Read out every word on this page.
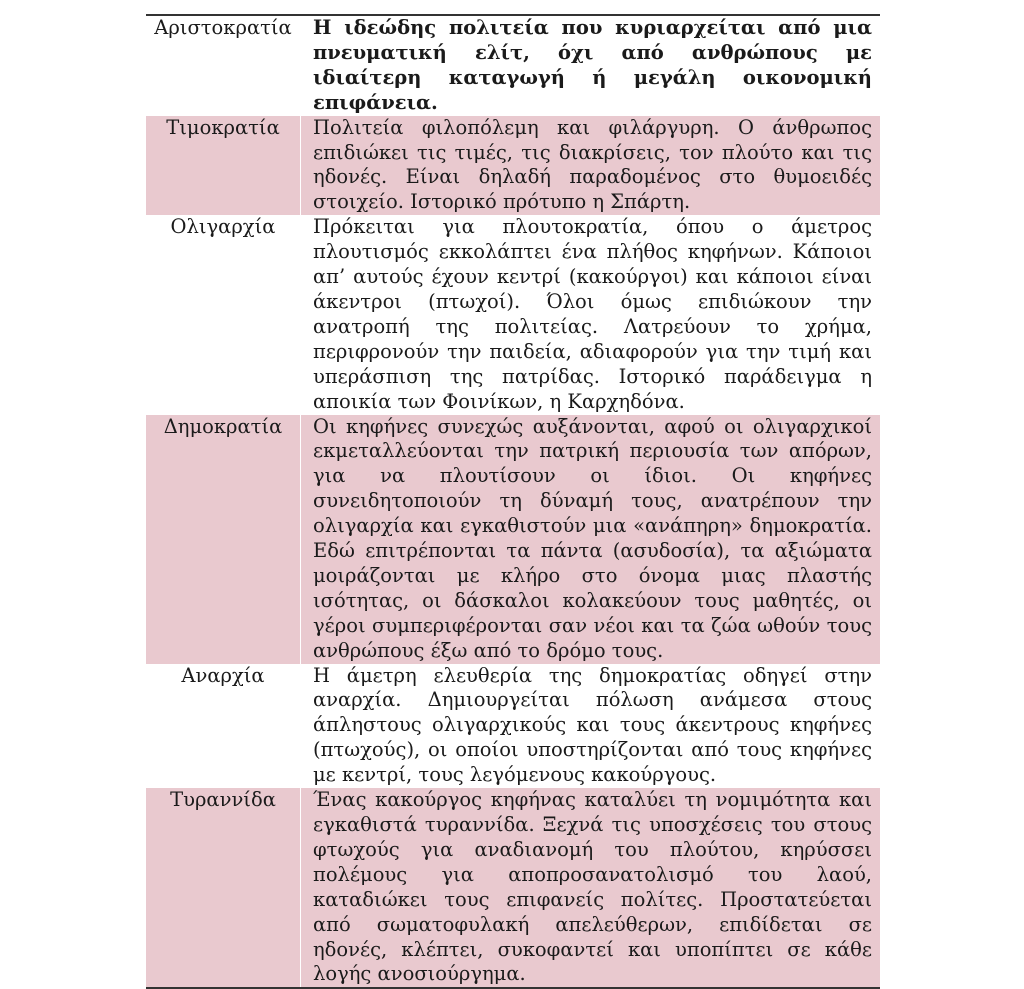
Αριστοκρατία	Η ιδεώδης πολιτεία που κυριαρχείται από μια πνευματική ελίτ, όχι από ανθρώπους με ιδιαίτερη καταγωγή ή μεγάλη οικονομική επιφάνεια.
Τιμοκρατία	Πολιτεία φιλοπόλεμη και φιλάργυρη. Ο άνθρωπος επιδιώκει τις τιμές, τις διακρίσεις, τον πλούτο και τις ηδονές. Είναι δηλαδή παραδομένος στο θυμοειδές στοιχείο. Ιστορικό πρότυπο η Σπάρτη.
Ολιγαρχία	Πρόκειται για πλουτοκρατία, όπου ο άμετρος πλουτισμός εκκολάπτει ένα πλήθος κηφήνων. Κάποιοι απ’ αυτούς έχουν κεντρί (κακούργοι) και κάποιοι είναι άκεντροι (πτωχοί). Όλοι όμως επιδιώκουν την ανατροπή της πολιτείας. Λατρεύουν το χρήμα, περιφρονούν την παιδεία, αδιαφορούν για την τιμή και υπεράσπιση της πατρίδας. Ιστορικό παράδειγμα η αποικία των Φοινίκων, η Καρχηδόνα.
Δημοκρατία	Οι κηφήνες συνεχώς αυξάνονται, αφού οι ολιγαρχικοί εκμεταλλεύονται την πατρική περιουσία των απόρων, για να πλουτίσουν οι ίδιοι. Οι κηφήνες συνειδητοποιούν τη δύναμή τους, ανατρέπουν την ολιγαρχία και εγκαθιστούν μια «ανάπηρη» δημοκρατία. Εδώ επιτρέπονται τα πάντα (ασυδοσία), τα αξιώματα μοιράζονται με κλήρο στο όνομα μιας πλαστής ισότητας, οι δάσκαλοι κολακεύουν τους μαθητές, οι γέροι συμπεριφέρονται σαν νέοι και τα ζώα ωθούν τους ανθρώπους έξω από το δρόμο τους.
Αναρχία	Η άμετρη ελευθερία της δημοκρατίας οδηγεί στην αναρχία. Δημιουργείται πόλωση ανάμεσα στους άπληστους ολιγαρχικούς και τους άκεντρους κηφήνες (πτωχούς), οι οποίοι υποστηρίζονται από τους κηφήνες με κεντρί, τους λεγόμενους κακούργους.
Τυραννίδα	Ένας κακούργος κηφήνας καταλύει τη νομιμότητα και εγκαθιστά τυραννίδα. Ξεχνά τις υποσχέσεις του στους φτωχούς για αναδιανομή του πλούτου, κηρύσσει πολέμους για αποπροσανατολισμό του λαού, καταδιώκει τους επιφανείς πολίτες. Προστατεύεται από σωματοφυλακή απελεύθερων, επιδίδεται σε ηδονές, κλέπτει, συκοφαντεί και υποπίπτει σε κάθε λογής ανοσιούργημα.
